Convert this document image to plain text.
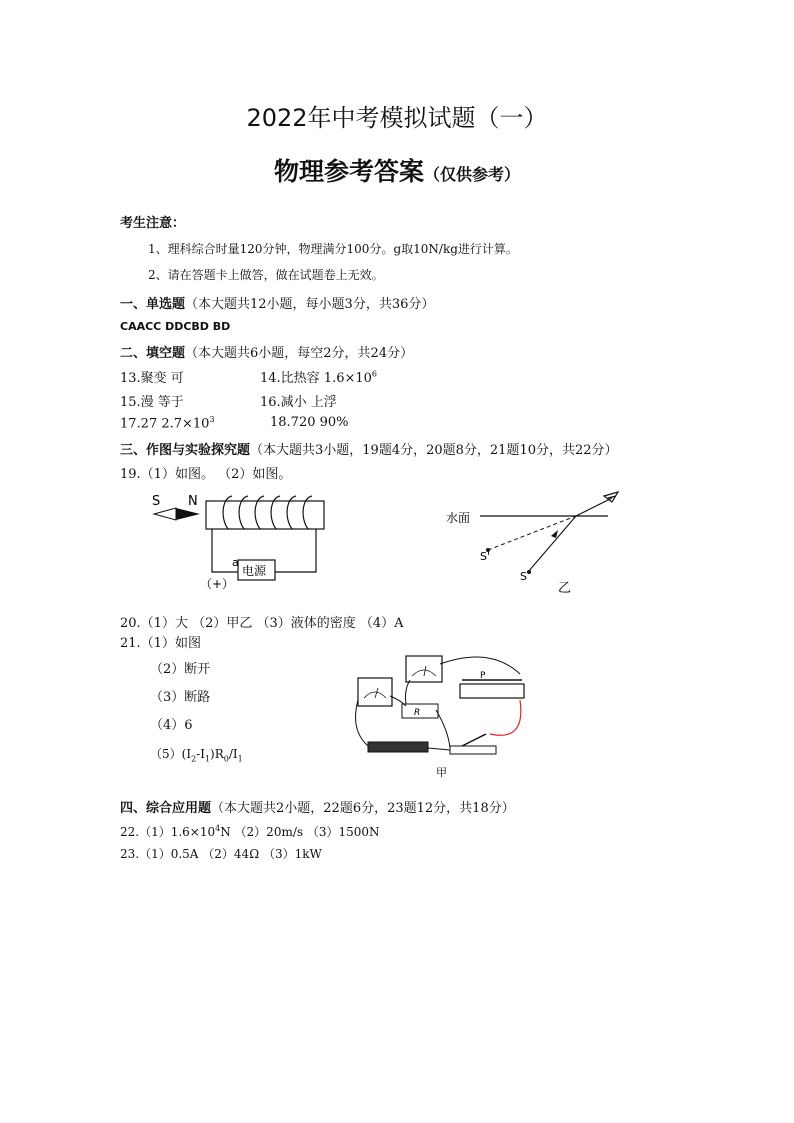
2022年中考模拟试题（一）
物理参考答案（仅供参考）
考生注意：
1、理科综合时量120分钟，物理满分100分。g取10N/kg进行计算。
2、请在答题卡上做答，做在试题卷上无效。
一、单选题（本大题共12小题，每小题3分，共36分）
CAACC DDCBD BD
二、填空题（本大题共6小题，每空2分，共24分）
13.聚变 可	14.比热容 $1.6\times 10^6$
15.漫 等于	16.减小 上浮
17.27 $2.7\times 10^3$	18.720 90%
三、作图与实验探究题（本大题共3小题，19题4分，20题8分，21题10分，共22分）
19.（1）如图。 （2）如图。
S N
电源
a
（+）
水面
S'
S
乙
20.（1）大 （2）甲乙 （3）液体的密度 （4）A
21.（1）如图
（2）断开
（3）断路
（4）6
$(5)(I_2-I_1)R_0/I_1$
R
P
甲
四、综合应用题（本大题共2小题，22题6分，23题12分，共18分）
$22.(1)1.6\times 10^4N$ （2）20m/s （3）1500N
23.（1）0.5A （2）44Ω （3）1kW
